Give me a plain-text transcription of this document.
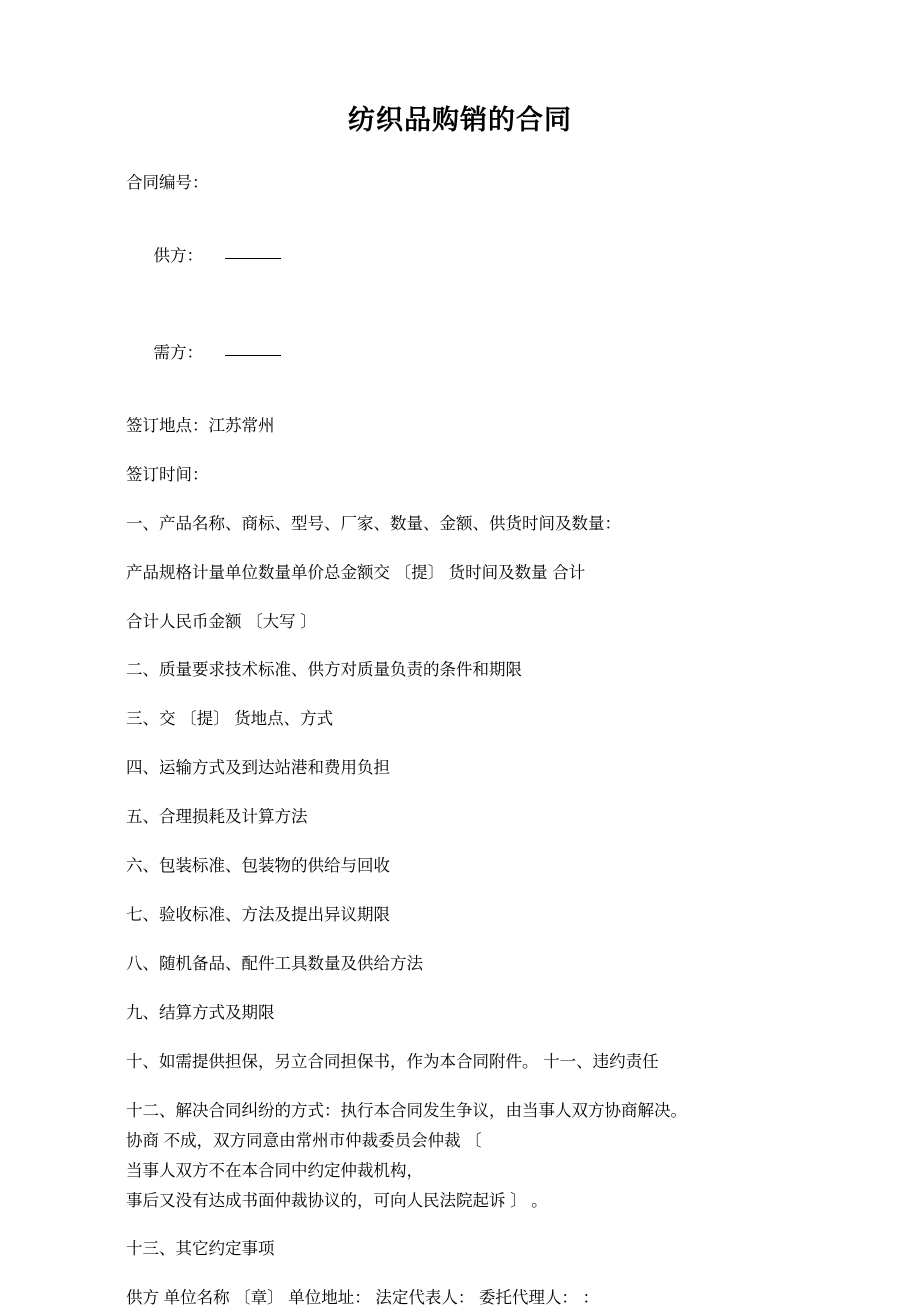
纺织品购销的合同
合同编号：

供方：

需方：

签订地点：江苏常州
签订时间：
一、产品名称、商标、型号、厂家、数量、金额、供货时间及数量：
产品规格计量单位数量单价总金额交 〔提〕 货时间及数量 合计
合计人民币金额 〔大写 〕
二、质量要求技术标准、供方对质量负责的条件和期限
三、交 〔提〕 货地点、方式
四、运输方式及到达站港和费用负担
五、合理损耗及计算方法
六、包装标准、包装物的供给与回收
七、验收标准、方法及提出异议期限
八、随机备品、配件工具数量及供给方法
九、结算方式及期限
十、如需提供担保，另立合同担保书，作为本合同附件。 十一、违约责任
十二、解决合同纠纷的方式：执行本合同发生争议，由当事人双方协商解决。
协商 不成，双方同意由常州市仲裁委员会仲裁 〔
当事人双方不在本合同中约定仲裁机构，
事后又没有达成书面仲裁协议的，可向人民法院起诉 〕 。
十三、其它约定事项
供方 单位名称 〔章〕 单位地址： 法定代表人： 委托代理人： ：
